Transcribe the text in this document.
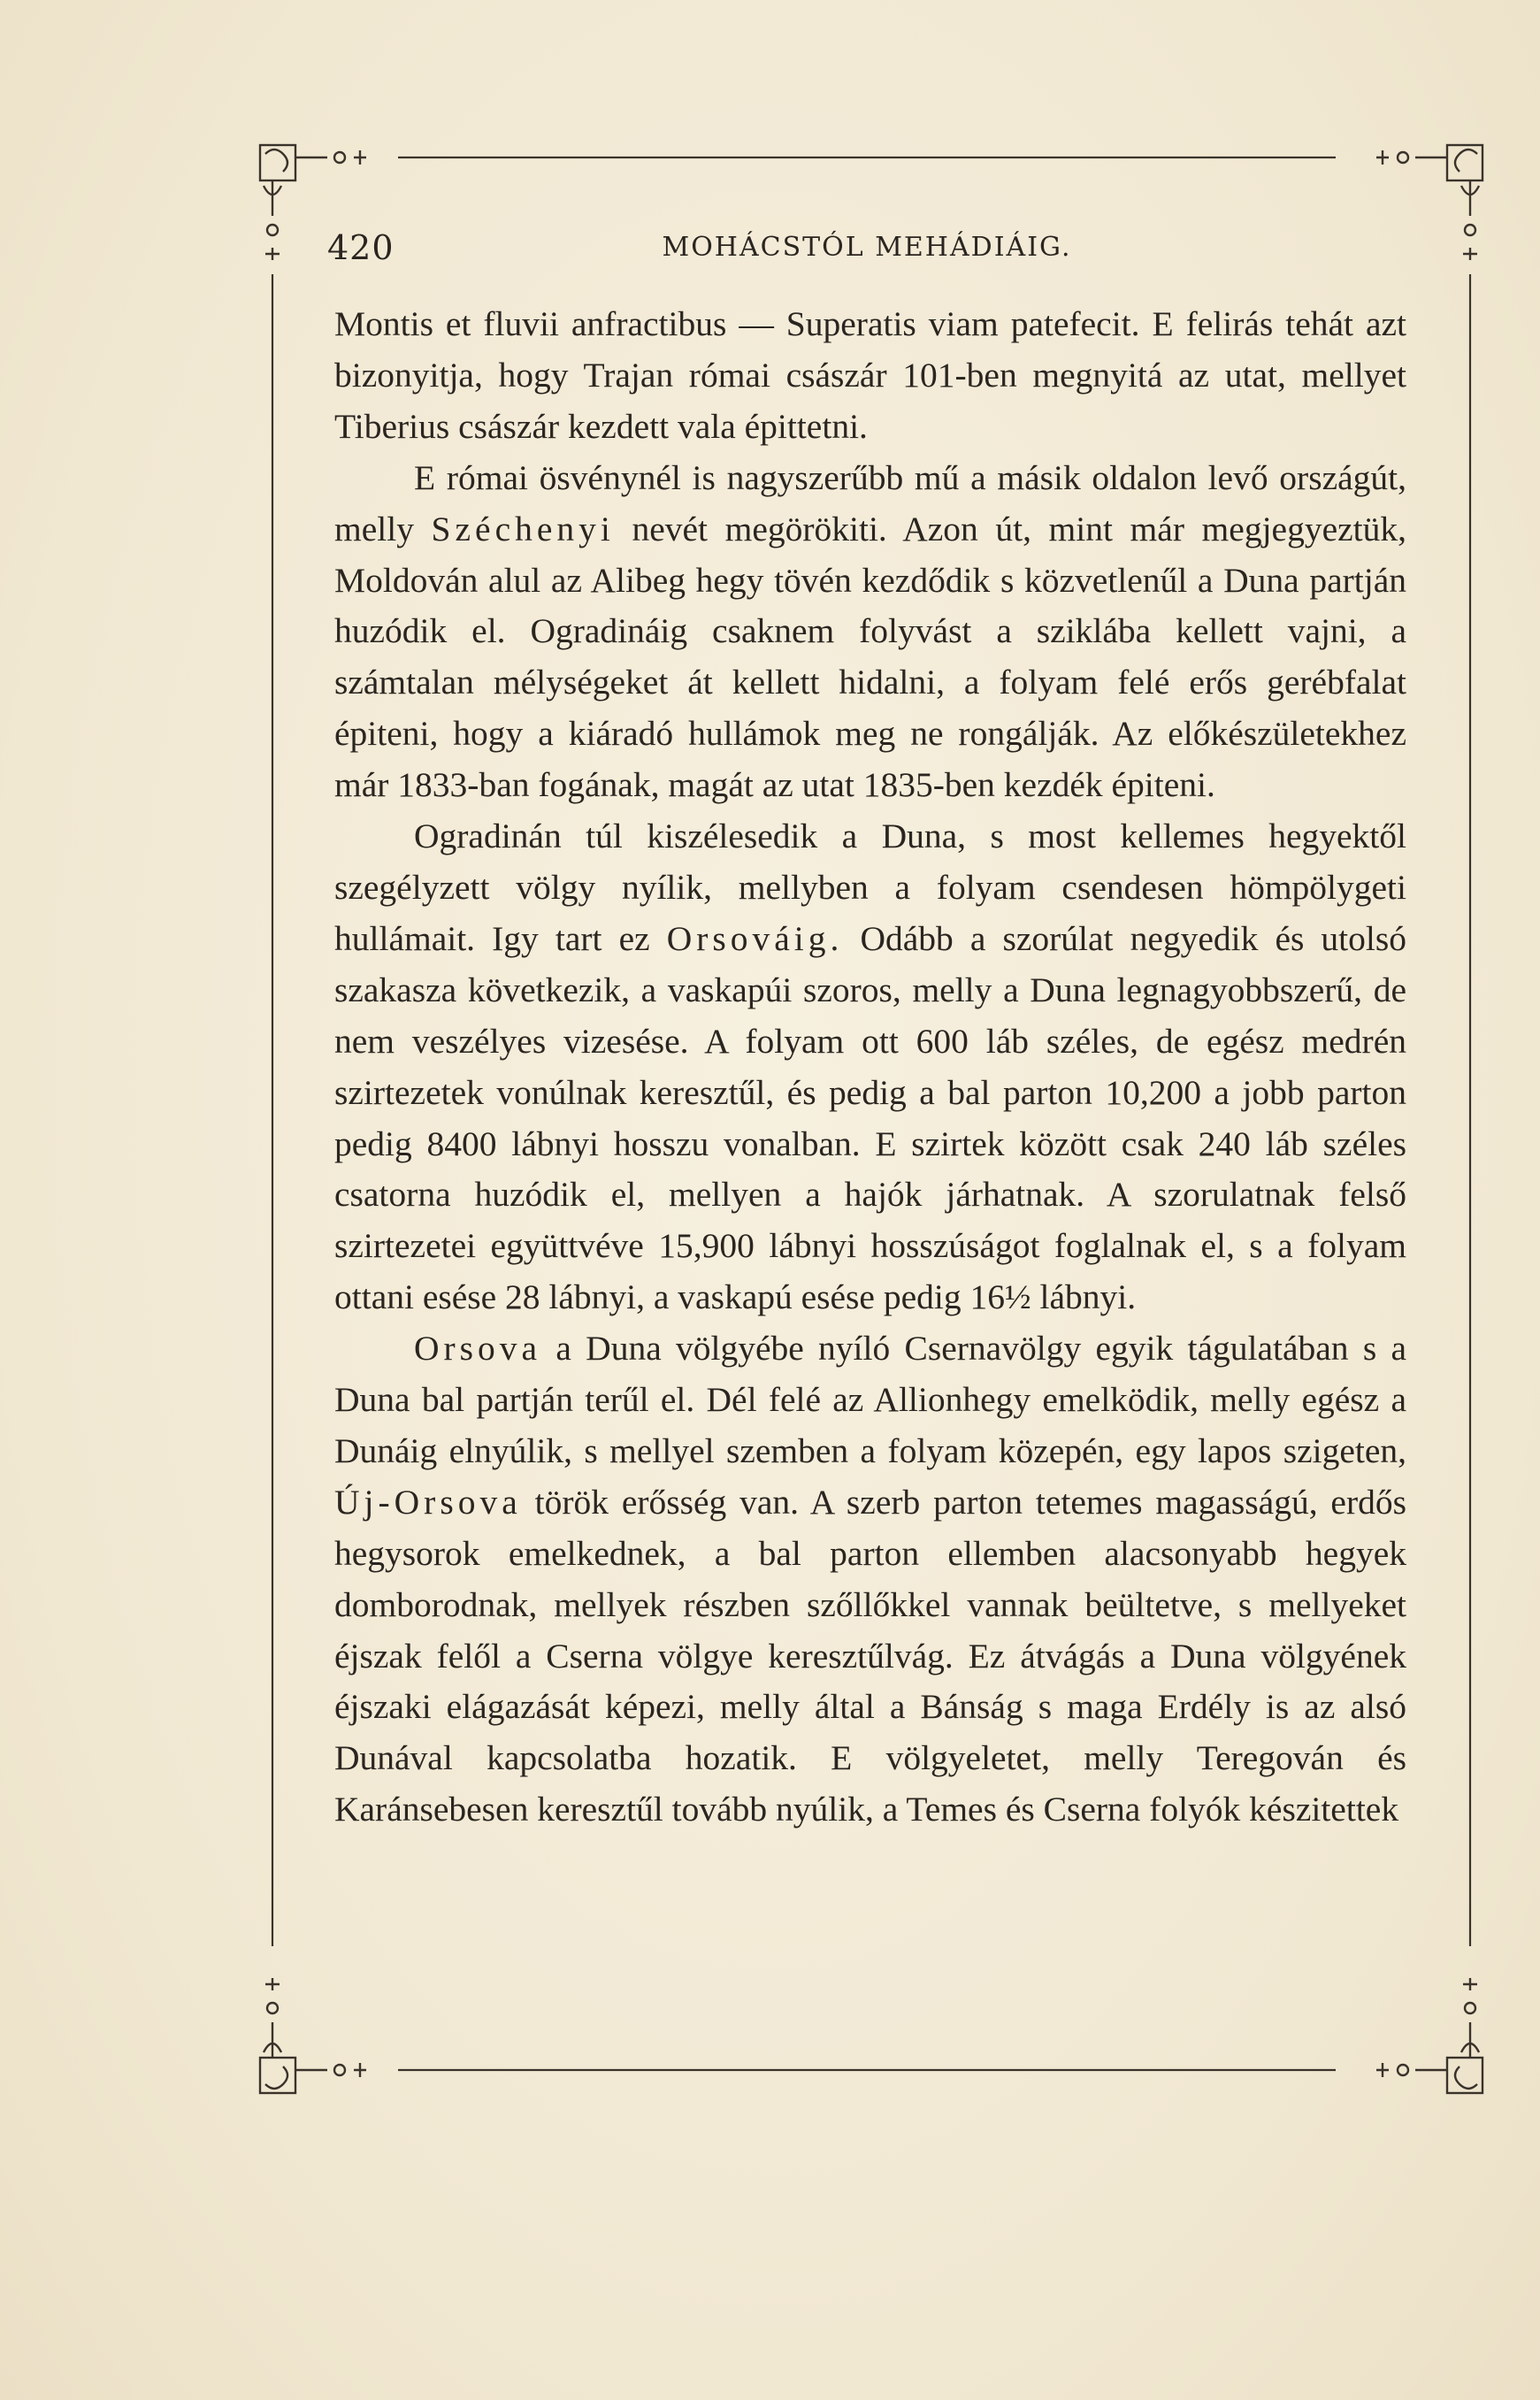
420	MOHÁCSTÓL MEHÁDIÁIG.

Montis et fluvii anfractibus — Superatis viam patefecit. E felirás tehát azt bizonyitja, hogy Trajan római császár 101-ben megnyitá az utat, mellyet Tiberius császár kezdett vala épittetni.

E római ösvénynél is nagyszerűbb mű a másik oldalon levő országút, melly Széchenyi nevét megörökiti. Azon út, mint már megjegyeztük, Moldován alul az Alibeg hegy tövén kezdődik s közvetlenűl a Duna partján huzódik el. Ogradináig csaknem folyvást a sziklába kellett vajni, a számtalan mélységeket át kellett hidalni, a folyam felé erős gerébfalat épiteni, hogy a kiáradó hullámok meg ne rongálják. Az előkészületekhez már 1833-ban fogának, magát az utat 1835-ben kezdék épiteni.

Ogradinán túl kiszélesedik a Duna, s most kellemes hegyektől szegélyzett völgy nyílik, mellyben a folyam csendesen hömpölygeti hullámait. Igy tart ez Orsováig. Odább a szorúlat negyedik és utolsó szakasza következik, a vaskapúi szoros, melly a Duna legnagyobbszerű, de nem veszélyes vizesése. A folyam ott 600 láb széles, de egész medrén szirtezetek vonúlnak keresztűl, és pedig a bal parton 10,200 a jobb parton pedig 8400 lábnyi hosszu vonalban. E szirtek között csak 240 láb széles csatorna huzódik el, mellyen a hajók járhatnak. A szorulatnak felső szirtezetei együttvéve 15,900 lábnyi hosszúságot foglalnak el, s a folyam ottani esése 28 lábnyi, a vaskapú esése pedig 16½ lábnyi.

Orsova a Duna völgyébe nyíló Csernavölgy egyik tágulatában s a Duna bal partján terűl el. Dél felé az Allionhegy emelködik, melly egész a Dunáig elnyúlik, s mellyel szemben a folyam közepén, egy lapos szigeten, Új-Orsova török erősség van. A szerb parton tetemes magasságú, erdős hegysorok emelkednek, a bal parton ellemben alacsonyabb hegyek domborodnak, mellyek részben szőllőkkel vannak beültetve, s mellyeket éjszak felől a Cserna völgye keresztűlvág. Ez átvágás a Duna völgyének éjszaki elágazását képezi, melly által a Bánság s maga Erdély is az alsó Dunával kapcsolatba hozatik. E völgyeletet, melly Teregován és Karánsebesen keresztűl tovább nyúlik, a Temes és Cserna folyók készitettek
